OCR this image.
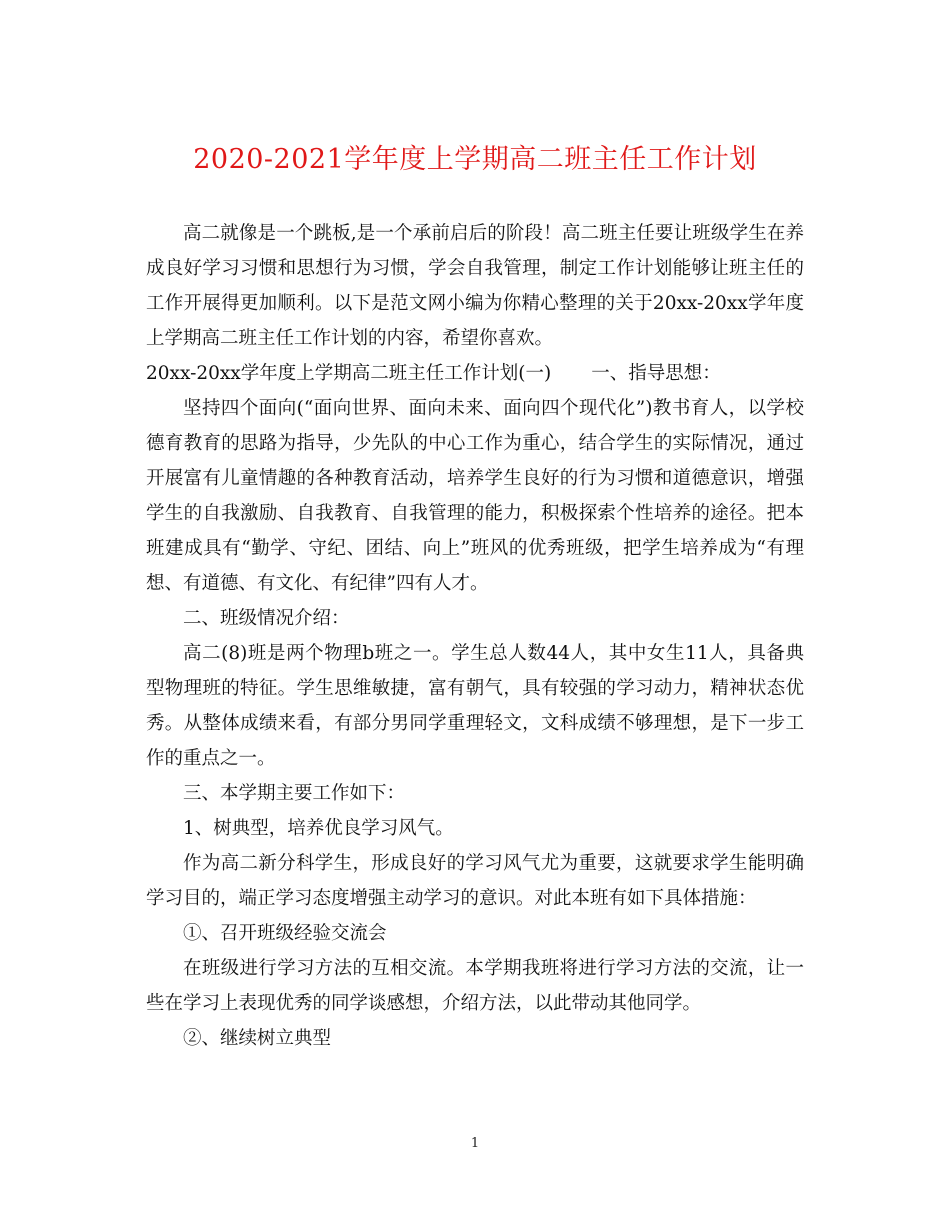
2020-2021学年度上学期高二班主任工作计划

高二就像是一个跳板,是一个承前启后的阶段！高二班主任要让班级学生在养成良好学习习惯和思想行为习惯，学会自我管理，制定工作计划能够让班主任的工作开展得更加顺利。以下是范文网小编为你精心整理的关于20xx-20xx学年度上学期高二班主任工作计划的内容，希望你喜欢。

20xx-20xx学年度上学期高二班主任工作计划(一) 一、指导思想：

坚持四个面向(“面向世界、面向未来、面向四个现代化”)教书育人，以学校德育教育的思路为指导，少先队的中心工作为重心，结合学生的实际情况，通过开展富有儿童情趣的各种教育活动，培养学生良好的行为习惯和道德意识，增强学生的自我激励、自我教育、自我管理的能力，积极探索个性培养的途径。把本班建成具有“勤学、守纪、团结、向上”班风的优秀班级，把学生培养成为“有理想、有道德、有文化、有纪律”四有人才。

二、班级情况介绍：

高二(8)班是两个物理b班之一。学生总人数44人，其中女生11人，具备典型物理班的特征。学生思维敏捷，富有朝气，具有较强的学习动力，精神状态优秀。从整体成绩来看，有部分男同学重理轻文，文科成绩不够理想，是下一步工作的重点之一。

三、本学期主要工作如下：

1、树典型，培养优良学习风气。

作为高二新分科学生，形成良好的学习风气尤为重要，这就要求学生能明确学习目的，端正学习态度增强主动学习的意识。对此本班有如下具体措施：

①、召开班级经验交流会

在班级进行学习方法的互相交流。本学期我班将进行学习方法的交流，让一些在学习上表现优秀的同学谈感想，介绍方法，以此带动其他同学。

②、继续树立典型

1
